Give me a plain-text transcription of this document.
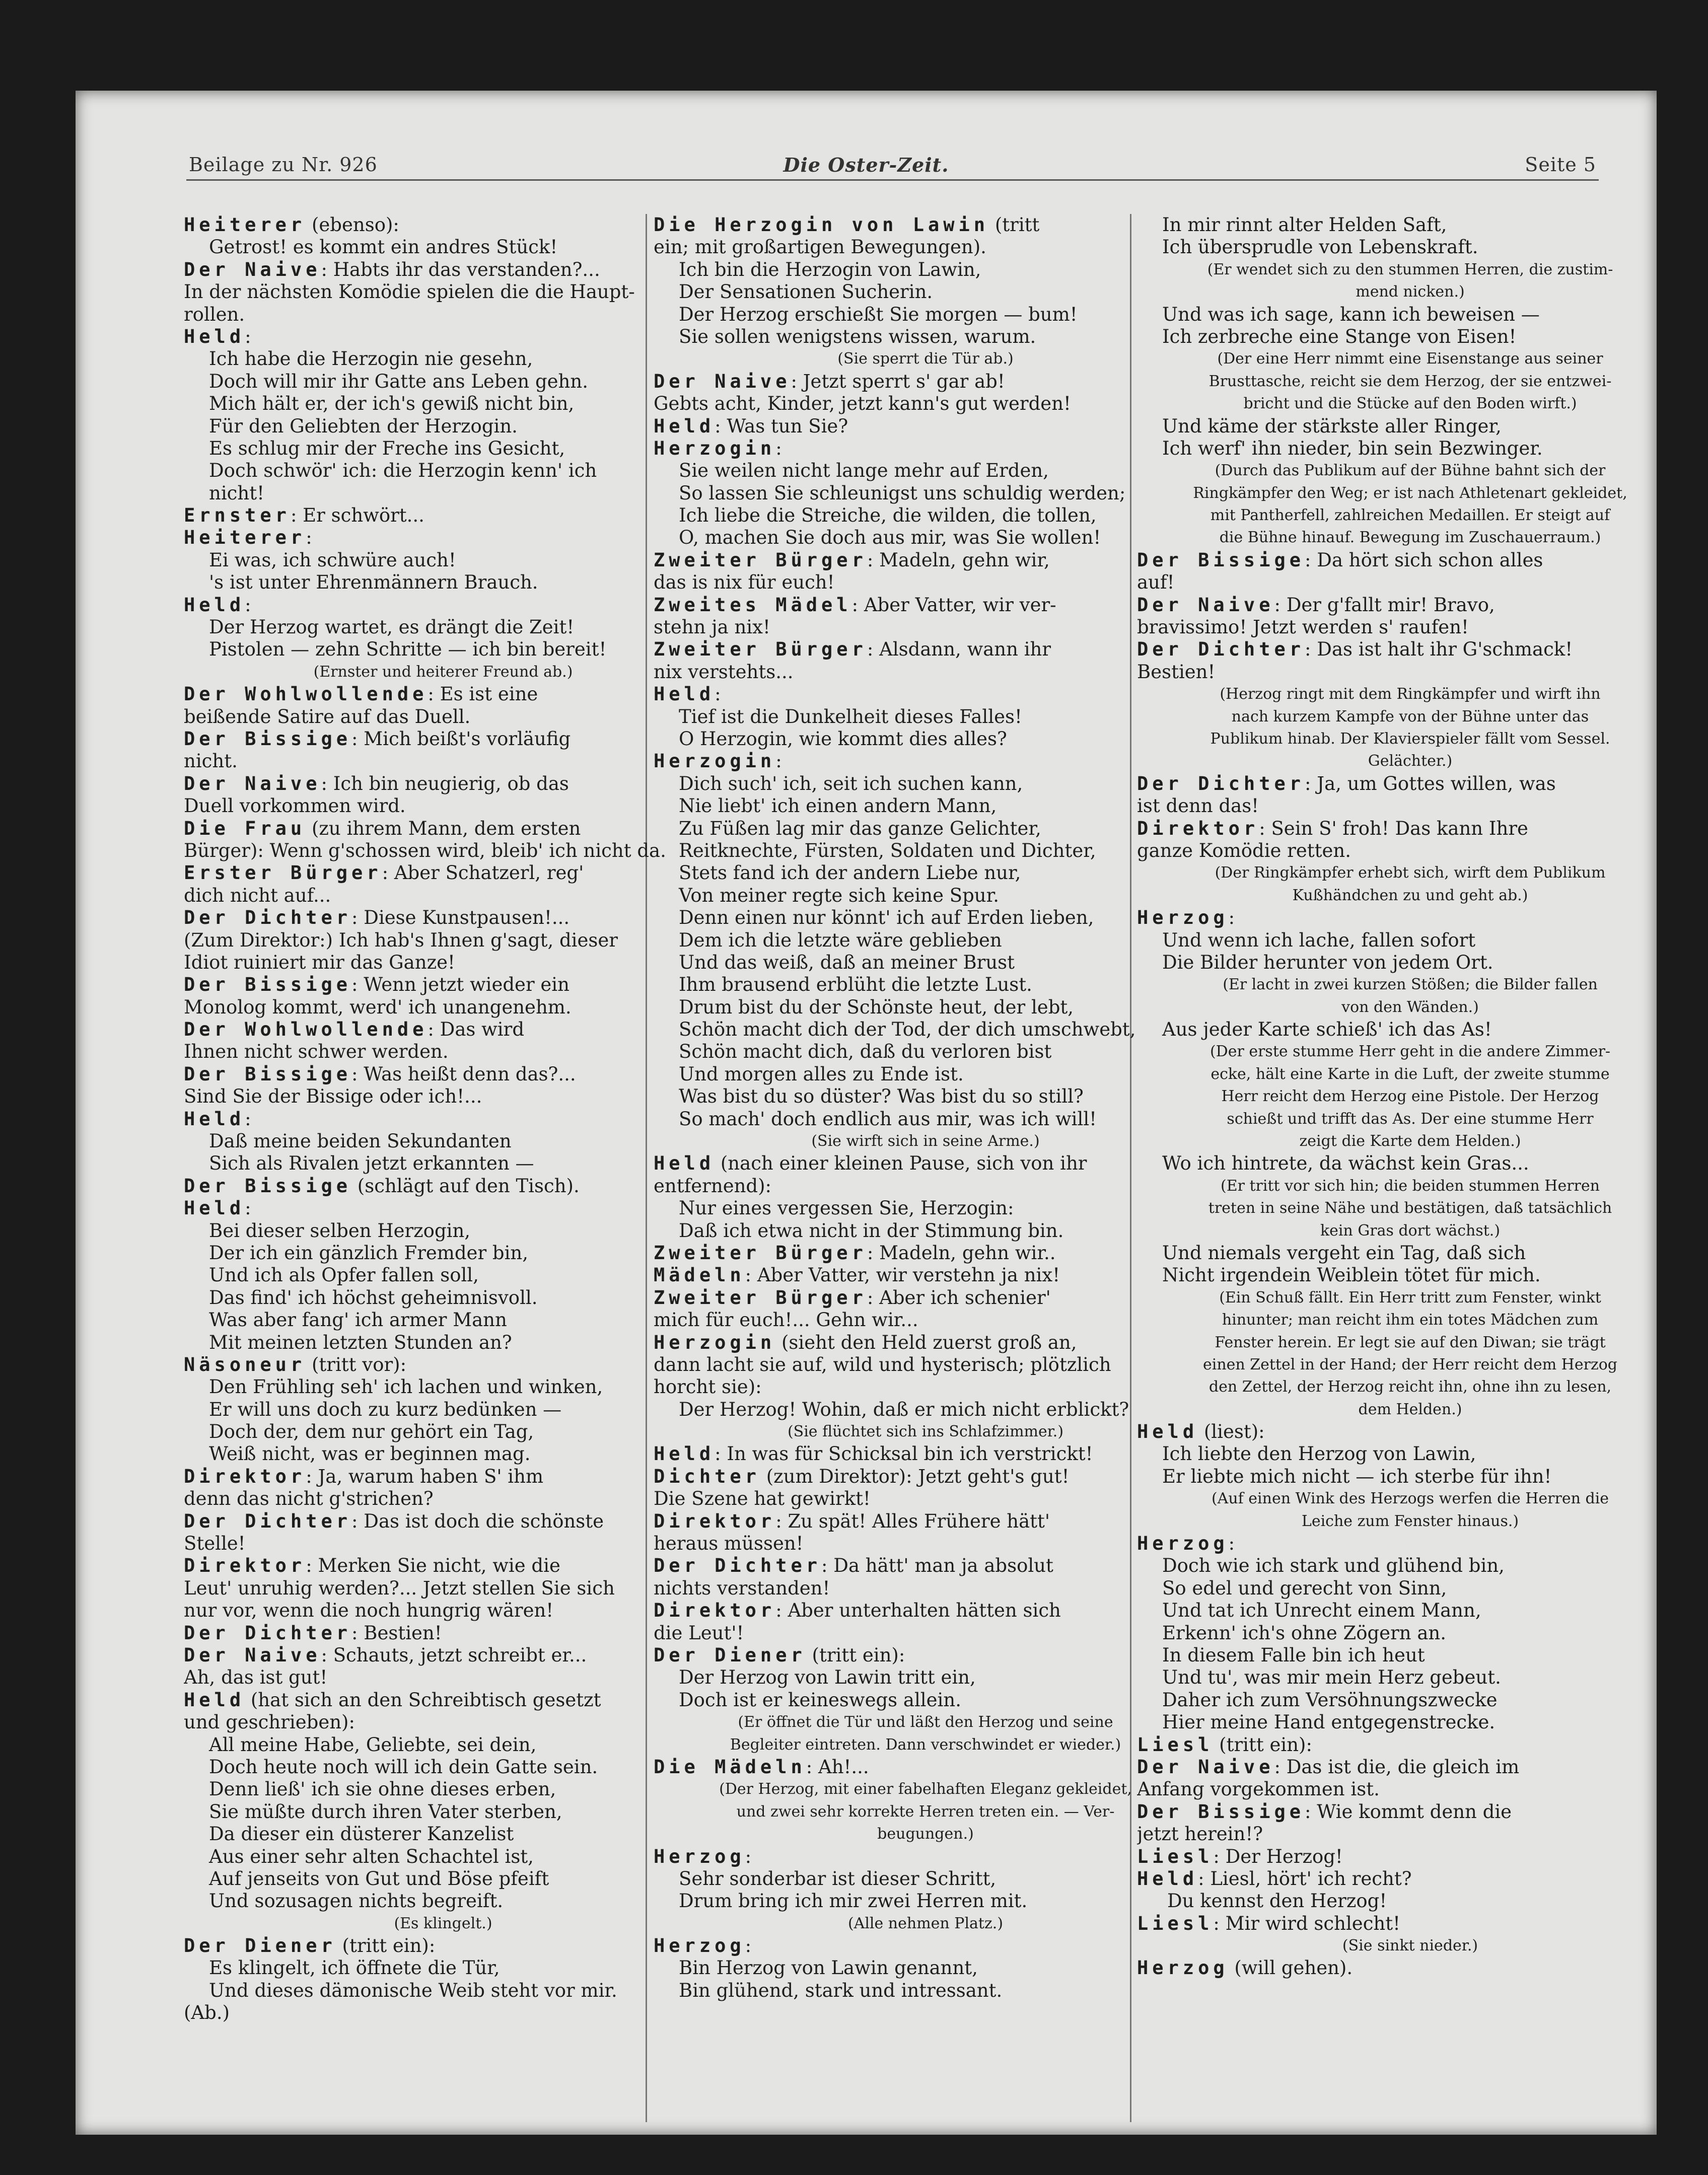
Beilage zu Nr. 926	Die Oster-Zeit.	Seite 5
Heiterer (ebenso):
Getrost! es kommt ein andres Stück!
Der Naive: Habts ihr das verstanden?...
In der nächsten Komödie spielen die die Haupt-
rollen.
Held:
Ich habe die Herzogin nie gesehn,
Doch will mir ihr Gatte ans Leben gehn.
Mich hält er, der ich's gewiß nicht bin,
Für den Geliebten der Herzogin.
Es schlug mir der Freche ins Gesicht,
Doch schwör' ich: die Herzogin kenn' ich
nicht!
Ernster: Er schwört...
Heiterer:
Ei was, ich schwüre auch!
's ist unter Ehrenmännern Brauch.
Held:
Der Herzog wartet, es drängt die Zeit!
Pistolen — zehn Schritte — ich bin bereit!
(Ernster und heiterer Freund ab.)
Der Wohlwollende: Es ist eine
beißende Satire auf das Duell.
Der Bissige: Mich beißt's vorläufig
nicht.
Der Naive: Ich bin neugierig, ob das
Duell vorkommen wird.
Die Frau (zu ihrem Mann, dem ersten
Bürger): Wenn g'schossen wird, bleib' ich nicht da.
Erster Bürger: Aber Schatzerl, reg'
dich nicht auf...
Der Dichter: Diese Kunstpausen!...
(Zum Direktor:) Ich hab's Ihnen g'sagt, dieser
Idiot ruiniert mir das Ganze!
Der Bissige: Wenn jetzt wieder ein
Monolog kommt, werd' ich unangenehm.
Der Wohlwollende: Das wird
Ihnen nicht schwer werden.
Der Bissige: Was heißt denn das?...
Sind Sie der Bissige oder ich!...
Held:
Daß meine beiden Sekundanten
Sich als Rivalen jetzt erkannten —
Der Bissige (schlägt auf den Tisch).
Held:
Bei dieser selben Herzogin,
Der ich ein gänzlich Fremder bin,
Und ich als Opfer fallen soll,
Das find' ich höchst geheimnisvoll.
Was aber fang' ich armer Mann
Mit meinen letzten Stunden an?
Näsoneur (tritt vor):
Den Frühling seh' ich lachen und winken,
Er will uns doch zu kurz bedünken —
Doch der, dem nur gehört ein Tag,
Weiß nicht, was er beginnen mag.
Direktor: Ja, warum haben S' ihm
denn das nicht g'strichen?
Der Dichter: Das ist doch die schönste
Stelle!
Direktor: Merken Sie nicht, wie die
Leut' unruhig werden?... Jetzt stellen Sie sich
nur vor, wenn die noch hungrig wären!
Der Dichter: Bestien!
Der Naive: Schauts, jetzt schreibt er...
Ah, das ist gut!
Held (hat sich an den Schreibtisch gesetzt
und geschrieben):
All meine Habe, Geliebte, sei dein,
Doch heute noch will ich dein Gatte sein.
Denn ließ' ich sie ohne dieses erben,
Sie müßte durch ihren Vater sterben,
Da dieser ein düsterer Kanzelist
Aus einer sehr alten Schachtel ist,
Auf jenseits von Gut und Böse pfeift
Und sozusagen nichts begreift.
(Es klingelt.)
Der Diener (tritt ein):
Es klingelt, ich öffnete die Tür,
Und dieses dämonische Weib steht vor mir.
(Ab.)
Die Herzogin von Lawin (tritt
ein; mit großartigen Bewegungen).
Ich bin die Herzogin von Lawin,
Der Sensationen Sucherin.
Der Herzog erschießt Sie morgen — bum!
Sie sollen wenigstens wissen, warum.
(Sie sperrt die Tür ab.)
Der Naive: Jetzt sperrt s' gar ab!
Gebts acht, Kinder, jetzt kann's gut werden!
Held: Was tun Sie?
Herzogin:
Sie weilen nicht lange mehr auf Erden,
So lassen Sie schleunigst uns schuldig werden;
Ich liebe die Streiche, die wilden, die tollen,
O, machen Sie doch aus mir, was Sie wollen!
Zweiter Bürger: Madeln, gehn wir,
das is nix für euch!
Zweites Mädel: Aber Vatter, wir ver-
stehn ja nix!
Zweiter Bürger: Alsdann, wann ihr
nix verstehts...
Held:
Tief ist die Dunkelheit dieses Falles!
O Herzogin, wie kommt dies alles?
Herzogin:
Dich such' ich, seit ich suchen kann,
Nie liebt' ich einen andern Mann,
Zu Füßen lag mir das ganze Gelichter,
Reitknechte, Fürsten, Soldaten und Dichter,
Stets fand ich der andern Liebe nur,
Von meiner regte sich keine Spur.
Denn einen nur könnt' ich auf Erden lieben,
Dem ich die letzte wäre geblieben
Und das weiß, daß an meiner Brust
Ihm brausend erblüht die letzte Lust.
Drum bist du der Schönste heut, der lebt,
Schön macht dich der Tod, der dich umschwebt,
Schön macht dich, daß du verloren bist
Und morgen alles zu Ende ist.
Was bist du so düster? Was bist du so still?
So mach' doch endlich aus mir, was ich will!
(Sie wirft sich in seine Arme.)
Held (nach einer kleinen Pause, sich von ihr
entfernend):
Nur eines vergessen Sie, Herzogin:
Daß ich etwa nicht in der Stimmung bin.
Zweiter Bürger: Madeln, gehn wir..
Mädeln: Aber Vatter, wir verstehn ja nix!
Zweiter Bürger: Aber ich schenier'
mich für euch!... Gehn wir...
Herzogin (sieht den Held zuerst groß an,
dann lacht sie auf, wild und hysterisch; plötzlich
horcht sie):
Der Herzog! Wohin, daß er mich nicht erblickt?
(Sie flüchtet sich ins Schlafzimmer.)
Held: In was für Schicksal bin ich verstrickt!
Dichter (zum Direktor): Jetzt geht's gut!
Die Szene hat gewirkt!
Direktor: Zu spät! Alles Frühere hätt'
heraus müssen!
Der Dichter: Da hätt' man ja absolut
nichts verstanden!
Direktor: Aber unterhalten hätten sich
die Leut'!
Der Diener (tritt ein):
Der Herzog von Lawin tritt ein,
Doch ist er keineswegs allein.
(Er öffnet die Tür und läßt den Herzog und seine
Begleiter eintreten. Dann verschwindet er wieder.)
Die Mädeln: Ah!...
(Der Herzog, mit einer fabelhaften Eleganz gekleidet,
und zwei sehr korrekte Herren treten ein. — Ver-
beugungen.)
Herzog:
Sehr sonderbar ist dieser Schritt,
Drum bring ich mir zwei Herren mit.
(Alle nehmen Platz.)
Herzog:
Bin Herzog von Lawin genannt,
Bin glühend, stark und intressant.
In mir rinnt alter Helden Saft,
Ich übersprudle von Lebenskraft.
(Er wendet sich zu den stummen Herren, die zustim-
mend nicken.)
Und was ich sage, kann ich beweisen —
Ich zerbreche eine Stange von Eisen!
(Der eine Herr nimmt eine Eisenstange aus seiner
Brusttasche, reicht sie dem Herzog, der sie entzwei-
bricht und die Stücke auf den Boden wirft.)
Und käme der stärkste aller Ringer,
Ich werf' ihn nieder, bin sein Bezwinger.
(Durch das Publikum auf der Bühne bahnt sich der
Ringkämpfer den Weg; er ist nach Athletenart gekleidet,
mit Pantherfell, zahlreichen Medaillen. Er steigt auf
die Bühne hinauf. Bewegung im Zuschauerraum.)
Der Bissige: Da hört sich schon alles
auf!
Der Naive: Der g'fallt mir! Bravo,
bravissimo! Jetzt werden s' raufen!
Der Dichter: Das ist halt ihr G'schmack!
Bestien!
(Herzog ringt mit dem Ringkämpfer und wirft ihn
nach kurzem Kampfe von der Bühne unter das
Publikum hinab. Der Klavierspieler fällt vom Sessel.
Gelächter.)
Der Dichter: Ja, um Gottes willen, was
ist denn das!
Direktor: Sein S' froh! Das kann Ihre
ganze Komödie retten.
(Der Ringkämpfer erhebt sich, wirft dem Publikum
Kußhändchen zu und geht ab.)
Herzog:
Und wenn ich lache, fallen sofort
Die Bilder herunter von jedem Ort.
(Er lacht in zwei kurzen Stößen; die Bilder fallen
von den Wänden.)
Aus jeder Karte schieß' ich das As!
(Der erste stumme Herr geht in die andere Zimmer-
ecke, hält eine Karte in die Luft, der zweite stumme
Herr reicht dem Herzog eine Pistole. Der Herzog
schießt und trifft das As. Der eine stumme Herr
zeigt die Karte dem Helden.)
Wo ich hintrete, da wächst kein Gras...
(Er tritt vor sich hin; die beiden stummen Herren
treten in seine Nähe und bestätigen, daß tatsächlich
kein Gras dort wächst.)
Und niemals vergeht ein Tag, daß sich
Nicht irgendein Weiblein tötet für mich.
(Ein Schuß fällt. Ein Herr tritt zum Fenster, winkt
hinunter; man reicht ihm ein totes Mädchen zum
Fenster herein. Er legt sie auf den Diwan; sie trägt
einen Zettel in der Hand; der Herr reicht dem Herzog
den Zettel, der Herzog reicht ihn, ohne ihn zu lesen,
dem Helden.)
Held (liest):
Ich liebte den Herzog von Lawin,
Er liebte mich nicht — ich sterbe für ihn!
(Auf einen Wink des Herzogs werfen die Herren die
Leiche zum Fenster hinaus.)
Herzog:
Doch wie ich stark und glühend bin,
So edel und gerecht von Sinn,
Und tat ich Unrecht einem Mann,
Erkenn' ich's ohne Zögern an.
In diesem Falle bin ich heut
Und tu', was mir mein Herz gebeut.
Daher ich zum Versöhnungszwecke
Hier meine Hand entgegenstrecke.
Liesl (tritt ein):
Der Naive: Das ist die, die gleich im
Anfang vorgekommen ist.
Der Bissige: Wie kommt denn die
jetzt herein!?
Liesl: Der Herzog!
Held: Liesl, hört' ich recht?
Du kennst den Herzog!
Liesl: Mir wird schlecht!
(Sie sinkt nieder.)
Herzog (will gehen).
